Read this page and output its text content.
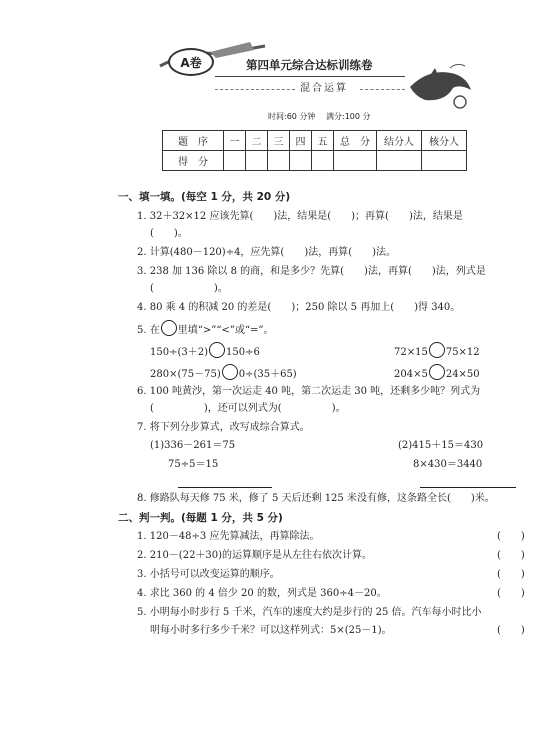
A卷	第四单元综合达标训练卷
混合运算
时间:60 分钟 满分:100 分
题　序	一	二	三	四	五	总　分	结分人	核分人
得　分								
一、填一填。(每空 1 分，共 20 分)
1. 32＋32×12 应该先算(　　)法，结果是(　　)；再算(　　)法，结果是
(　　)。
2. 计算(480－120)÷4，应先算(　　)法，再算(　　)法。
3. 238 加 136 除以 8 的商，和是多少？先算(　　)法，再算(　　)法，列式是
(　　　　　　)。
4. 80 乘 4 的积减 20 的差是(　　)；250 除以 5 再加上(　　)得 340。
5. 在 里填“>”“<”或“=”。
150÷(3＋2) 150÷6	72×15 75×12
280×(75－75) 0÷(35＋65)	204×5 24×50
6. 100 吨黄沙，第一次运走 40 吨，第二次运走 30 吨，还剩多少吨？列式为
(　　　　　)，还可以列式为(　　　　　)。
7. 将下列分步算式，改写成综合算式。
(1)336－261＝75
75÷5＝15
(2)415＋15＝430
8×430＝3440
8. 修路队每天修 75 米，修了 5 天后还剩 125 米没有修，这条路全长(　　)米。
二、判一判。(每题 1 分，共 5 分)
1. 120－48÷3 应先算减法，再算除法。	(　　)
2. 210－(22＋30)的运算顺序是从左往右依次计算。	(　　)
3. 小括号可以改变运算的顺序。	(　　)
4. 求比 360 的 4 倍少 20 的数，列式是 360÷4－20。	(　　)
5. 小明每小时步行 5 千米，汽车的速度大约是步行的 25 倍。汽车每小时比小
明每小时多行多少千米？可以这样列式：5×(25－1)。	(　　)
